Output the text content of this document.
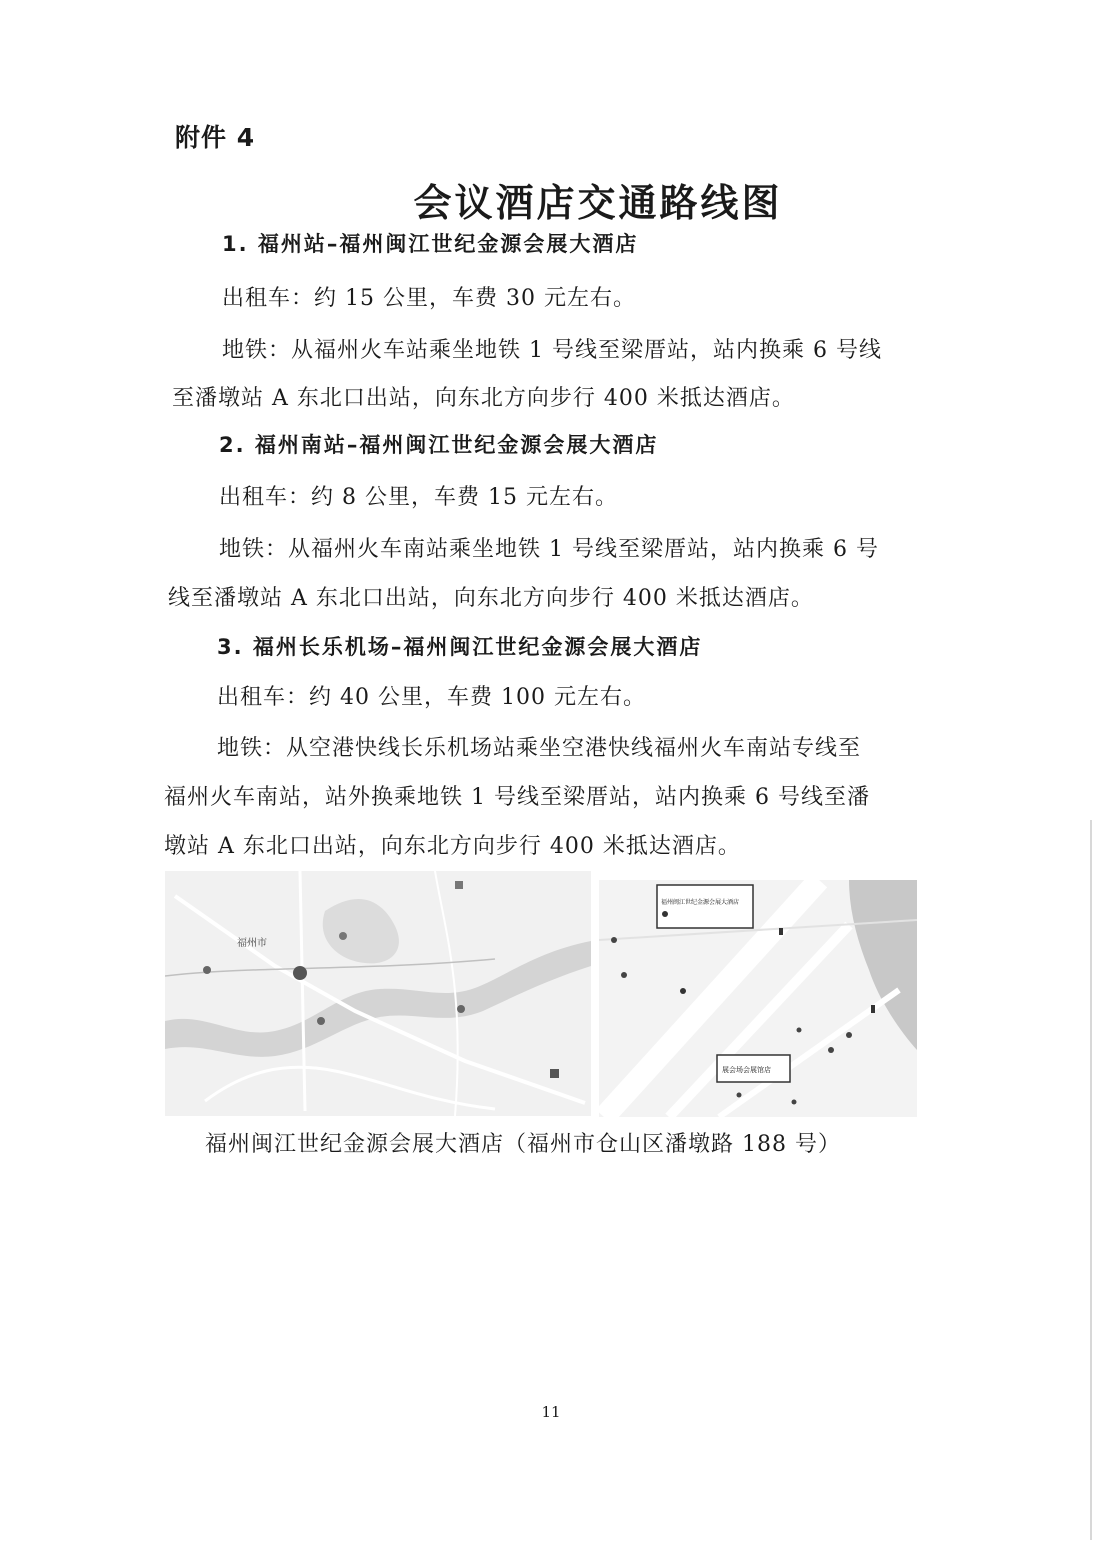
附件 4
会议酒店交通路线图
1. 福州站–福州闽江世纪金源会展大酒店
出租车：约 15 公里，车费 30 元左右。
地铁：从福州火车站乘坐地铁 1 号线至梁厝站，站内换乘 6 号线
至潘墩站 A 东北口出站，向东北方向步行 400 米抵达酒店。
2. 福州南站–福州闽江世纪金源会展大酒店
出租车：约 8 公里，车费 15 元左右。
地铁：从福州火车南站乘坐地铁 1 号线至梁厝站，站内换乘 6 号
线至潘墩站 A 东北口出站，向东北方向步行 400 米抵达酒店。
3. 福州长乐机场–福州闽江世纪金源会展大酒店
出租车：约 40 公里，车费 100 元左右。
地铁：从空港快线长乐机场站乘坐空港快线福州火车南站专线至
福州火车南站，站外换乘地铁 1 号线至梁厝站，站内换乘 6 号线至潘
墩站 A 东北口出站，向东北方向步行 400 米抵达酒店。
福州市
福州闽江世纪金源会展大酒店
展会场会展馆店
福州闽江世纪金源会展大酒店（福州市仓山区潘墩路 188 号）
11
